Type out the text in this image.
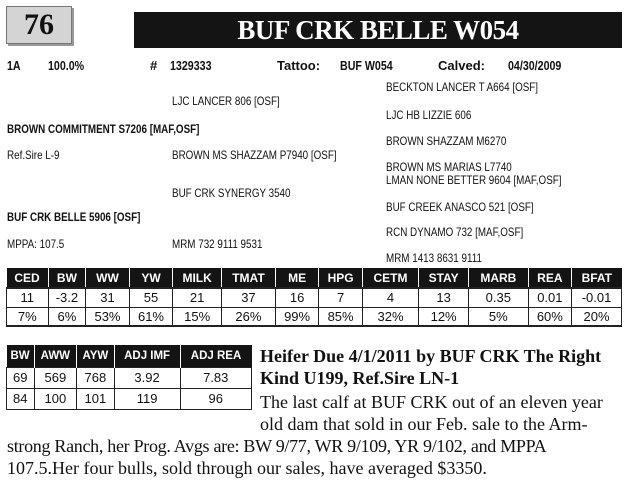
76	BUF CRK BELLE W054
1A 100.0%	# 1329333	Tattoo: BUF W054	Calved: 04/30/2009
BECKTON LANCER T A664 [OSF]
LJC LANCER 806 [OSF]
LJC HB LIZZIE 606
BROWN COMMITMENT S7206 [MAF,OSF]
BROWN SHAZZAM M6270
Ref.Sire L-9	BROWN MS SHAZZAM P7940 [OSF]
BROWN MS MARIAS L7740
LMAN NONE BETTER 9604 [MAF,OSF]
BUF CRK SYNERGY 3540
BUF CREEK ANASCO 521 [OSF]
BUF CRK BELLE 5906 [OSF]
RCN DYNAMO 732 [MAF,OSF]
MPPA: 107.5	MRM 732 9111 9531
MRM 1413 8631 9111
CED	BW	WW	YW	MILK	TMAT	ME	HPG	CETM	STAY	MARB	REA	BFAT
11	-3.2	31	55	21	37	16	7	4	13	0.35	0.01	-0.01
7%	6%	53%	61%	15%	26%	99%	85%	32%	12%	5%	60%	20%
BW	AWW	AYW	ADJ IMF	ADJ REA
69	569	768	3.92	7.83
84	100	101	119	96
Heifer Due 4/1/2011 by BUF CRK The Right
Kind U199, Ref.Sire LN-1
The last calf at BUF CRK out of an eleven year
old dam that sold in our Feb. sale to the Arm-
strong Ranch, her Prog. Avgs are: BW 9/77, WR 9/109, YR 9/102, and MPPA
107.5.Her four bulls, sold through our sales, have averaged $3350.
